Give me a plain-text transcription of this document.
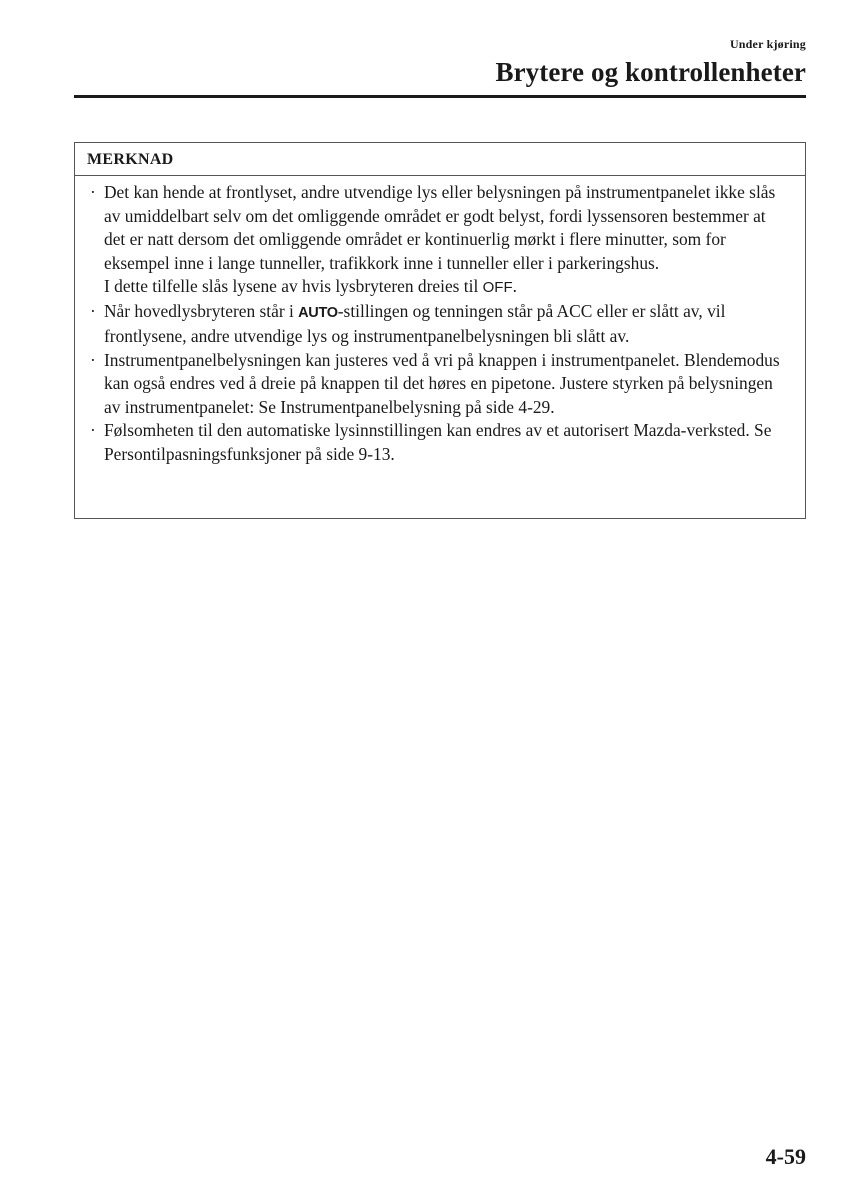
Under kjøring
Brytere og kontrollenheter
MERKNAD
· Det kan hende at frontlyset, andre utvendige lys eller belysningen på instrumentpanelet ikke slås av umiddelbart selv om det omliggende området er godt belyst, fordi lyssensoren bestemmer at det er natt dersom det omliggende området er kontinuerlig mørkt i flere minutter, som for eksempel inne i lange tunneller, trafikkork inne i tunneller eller i parkeringshus.
I dette tilfelle slås lysene av hvis lysbryteren dreies til OFF.
· Når hovedlysbryteren står i AUTO-stillingen og tenningen står på ACC eller er slått av, vil frontlysene, andre utvendige lys og instrumentpanelbelysningen bli slått av.
· Instrumentpanelbelysningen kan justeres ved å vri på knappen i instrumentpanelet. Blendemodus kan også endres ved å dreie på knappen til det høres en pipetone. Justere styrken på belysningen av instrumentpanelet: Se Instrumentpanelbelysning på side 4-29.
· Følsomheten til den automatiske lysinnstillingen kan endres av et autorisert Mazda-verksted. Se Persontilpasningsfunksjoner på side 9-13.
4-59
